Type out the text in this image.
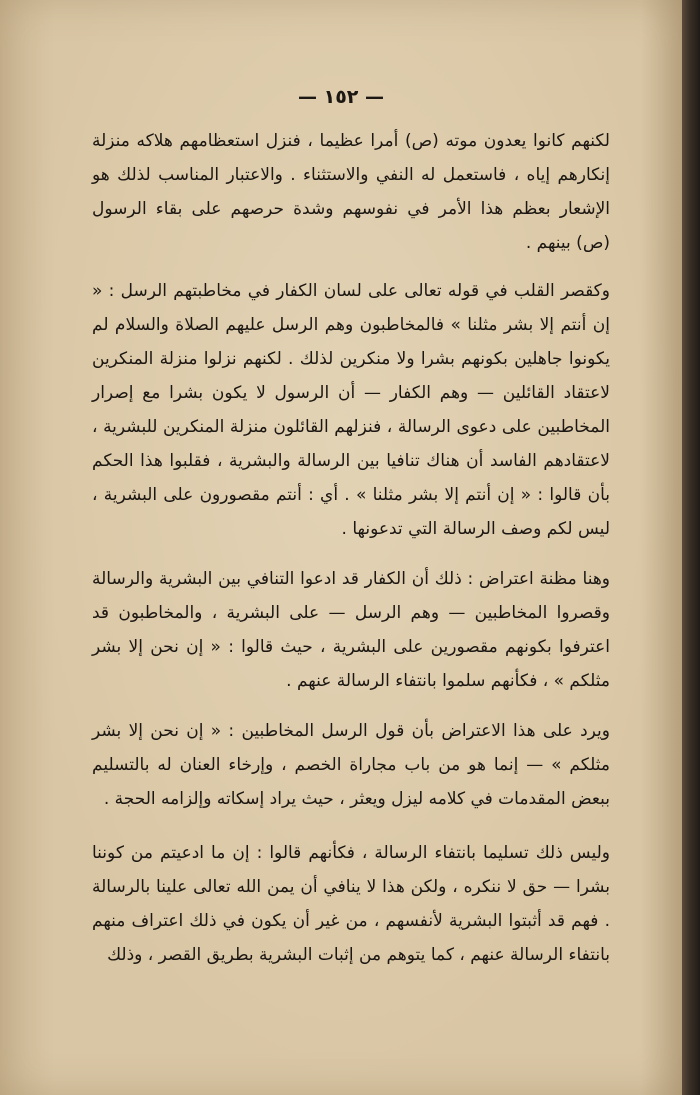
— ١٥٢ —

لكنهم كانوا يعدون موته (ص) أمرا عظيما ، فنزل استعظامهم هلاكه منزلة إنكارهم إياه ، فاستعمل له النفي والاستثناء . والاعتبار المناسب لذلك هو الإشعار بعظم هذا الأمر في نفوسهم وشدة حرصهم على بقاء الرسول (ص) بينهم .

وكقصر القلب في قوله تعالى على لسان الكفار في مخاطبتهم الرسل : « إن أنتم إلا بشر مثلنا » فالمخاطبون وهم الرسل عليهم الصلاة والسلام لم يكونوا جاهلين بكونهم بشرا ولا منكرين لذلك . لكنهم نزلوا منزلة المنكرين لاعتقاد القائلين — وهم الكفار — أن الرسول لا يكون بشرا مع إصرار المخاطبين على دعوى الرسالة ، فنزلهم القائلون منزلة المنكرين للبشرية ، لاعتقادهم الفاسد أن هناك تنافيا بين الرسالة والبشرية ، فقلبوا هذا الحكم بأن قالوا : « إن أنتم إلا بشر مثلنا » . أي : أنتم مقصورون على البشرية ، ليس لكم وصف الرسالة التي تدعونها .

وهنا مظنة اعتراض : ذلك أن الكفار قد ادعوا التنافي بين البشرية والرسالة وقصروا المخاطبين — وهم الرسل — على البشرية ، والمخاطبون قد اعترفوا بكونهم مقصورين على البشرية ، حيث قالوا : « إن نحن إلا بشر مثلكم » ، فكأنهم سلموا بانتفاء الرسالة عنهم .

ويرد على هذا الاعتراض بأن قول الرسل المخاطبين : « إن نحن إلا بشر مثلكم » — إنما هو من باب مجاراة الخصم ، وإرخاء العنان له بالتسليم ببعض المقدمات في كلامه ليزل ويعثر ، حيث يراد إسكاته وإلزامه الحجة .

وليس ذلك تسليما بانتفاء الرسالة ، فكأنهم قالوا : إن ما ادعيتم من كوننا بشرا — حق لا ننكره ، ولكن هذا لا ينافي أن يمن الله تعالى علينا بالرسالة . فهم قد أثبتوا البشرية لأنفسهم ، من غير أن يكون في ذلك اعتراف منهم بانتفاء الرسالة عنهم ، كما يتوهم من إثبات البشرية بطريق القصر ، وذلك
